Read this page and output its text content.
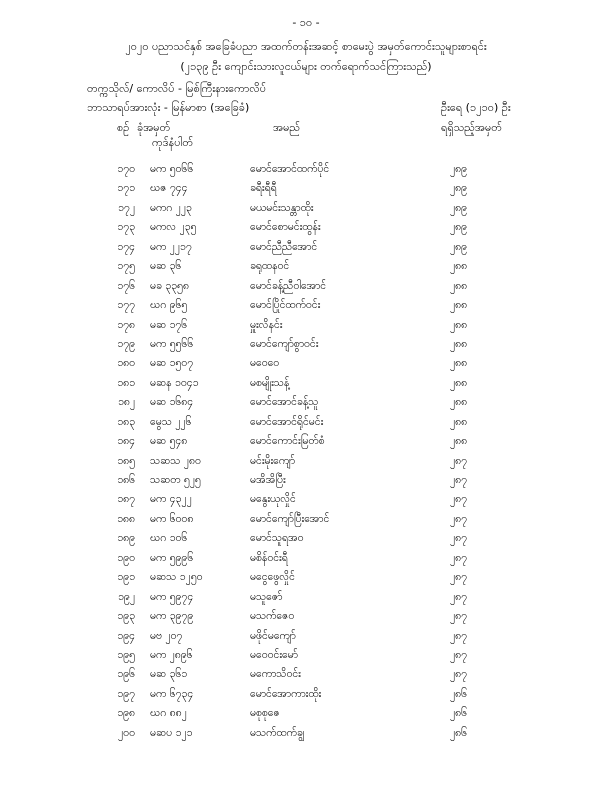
- ၁၀ -
၂၀၂၀ ပညာသင်နှစ် အခြေခံပညာ အထက်တန်းအဆင့် စာမေးပွဲ အမှတ်ကောင်းသူများစာရင်း
(၂၁၃၉ ဦး ကျောင်းသားလူငယ်များ တက်ရောက်သင်ကြားသည်)
တက္ကသိုလ်/ ကောလိပ် - မြစ်ကြီးနားကောလိပ်
ဘာသာရပ်အားလုံး - မြန်မာစာ (အခြေခံ)	ဦးရေ (၁၂၁၀) ဦး
စဉ် ခုံအမှတ်
ကုဒ်နံပါတ်
အမည်	ရရှိသည့်အမှတ်
၁၇၀ မက ၅၀၆၆	မောင်အောင်ထက်ပိုင်	၂၈၉
၁၇၁ ဃဇ ၇၄၄	ခရီးရီရီ	၂၈၉
၁၇၂ မကဂ ၂၂၃	မယမင်းသန္တာထိုး	၂၈၉
၁၇၃ မကလ ၂၃၅	မောင်စောမင်းထွန်း	၂၈၉
၁၇၄ မက ၂၂၁၇	မောင်ညီညီအောင်	၂၈၉
၁၇၅ မဆ ၃၆	ခရုထနဝင်	၂၈၈
၁၇၆ မခ ၃၃၅၈	မောင်ခန့်ညီဝါအောင်	၂၈၈
၁၇၇ ဃဂ ၉၆၅	မောင်ပြိုင်ထက်ဝင်း	၂၈၈
၁၇၈ မဆ ၁၇၆	မှူးလိနင်း	၂၈၈
၁၇၉ မက ၅၅၆၆	မောင်ကျော်စွာဝင်း	၂၈၈
၁၈၀ မဆ ၁၅၀၇	မဝေဝေ	၂၈၈
၁၈၁ မဆန ၁၀၄၁	မစမျိုးသန့်	၂၈၈
၁၈၂ မဆ ၁၆၈၄	မောင်အောင်ခန့်သူ	၂၈၈
၁၈၃ မွေသ ၂၂၆	မောင်အောင်ရိုင်မင်း	၂၈၈
၁၈၄ မဆ ၅၄၈	မောင်ကောင်းမြတ်စံ	၂၈၈
၁၈၅ သဆသ ၂၈၀	မင်းမိုးကျော်	၂၈၇
၁၈၆ သဆတ ၅၂၅	မအိအိပြီး	၂၈၇
၁၈၇ မက ၄၃၂၂	မနွေးယုလှိုင်	၂၈၇
၁၈၈ မက ၆၀၀၈	မောင်ကျော်ပြီးအောင်	၂၈၇
၁၈၉ ဃဂ ၁၀၆	မောင်သူရအဝ	၂၈၇
၁၉၀ မက ၅၉၉၆	မစိန်ဝင်းရီ	၂၈၇
၁၉၁ မဆသ ၁၂၅၀	မငွေဖွေလှိုင်	၂၈၇
၁၉၂ မက ၅၉၇၄	မသူဇော်	၂၈၇
၁၉၃ မက ၃၉၇၉	မသက်ဇေဝ	၂၈၇
၁၉၄ မဗ ၂၀၇	မဖိုင်မကျော်	၂၈၇
၁၉၅ မက ၂၈၉၆	မဝေဝင်းမော်	၂၈၇
၁၉၆ မဆ ၃၆၁	မကောသိဝင်း	၂၈၇
၁၉၇ မက ၆၇၃၄	မောင်အောကားထိုး	၂၈၆
၁၉၈ ဃဂ ၈၈၂	မစုစုဇေ	၂၈၆
၂၀၀ မဆပ ၁၂၁	မသက်ထက်ချွ	၂၈၆
